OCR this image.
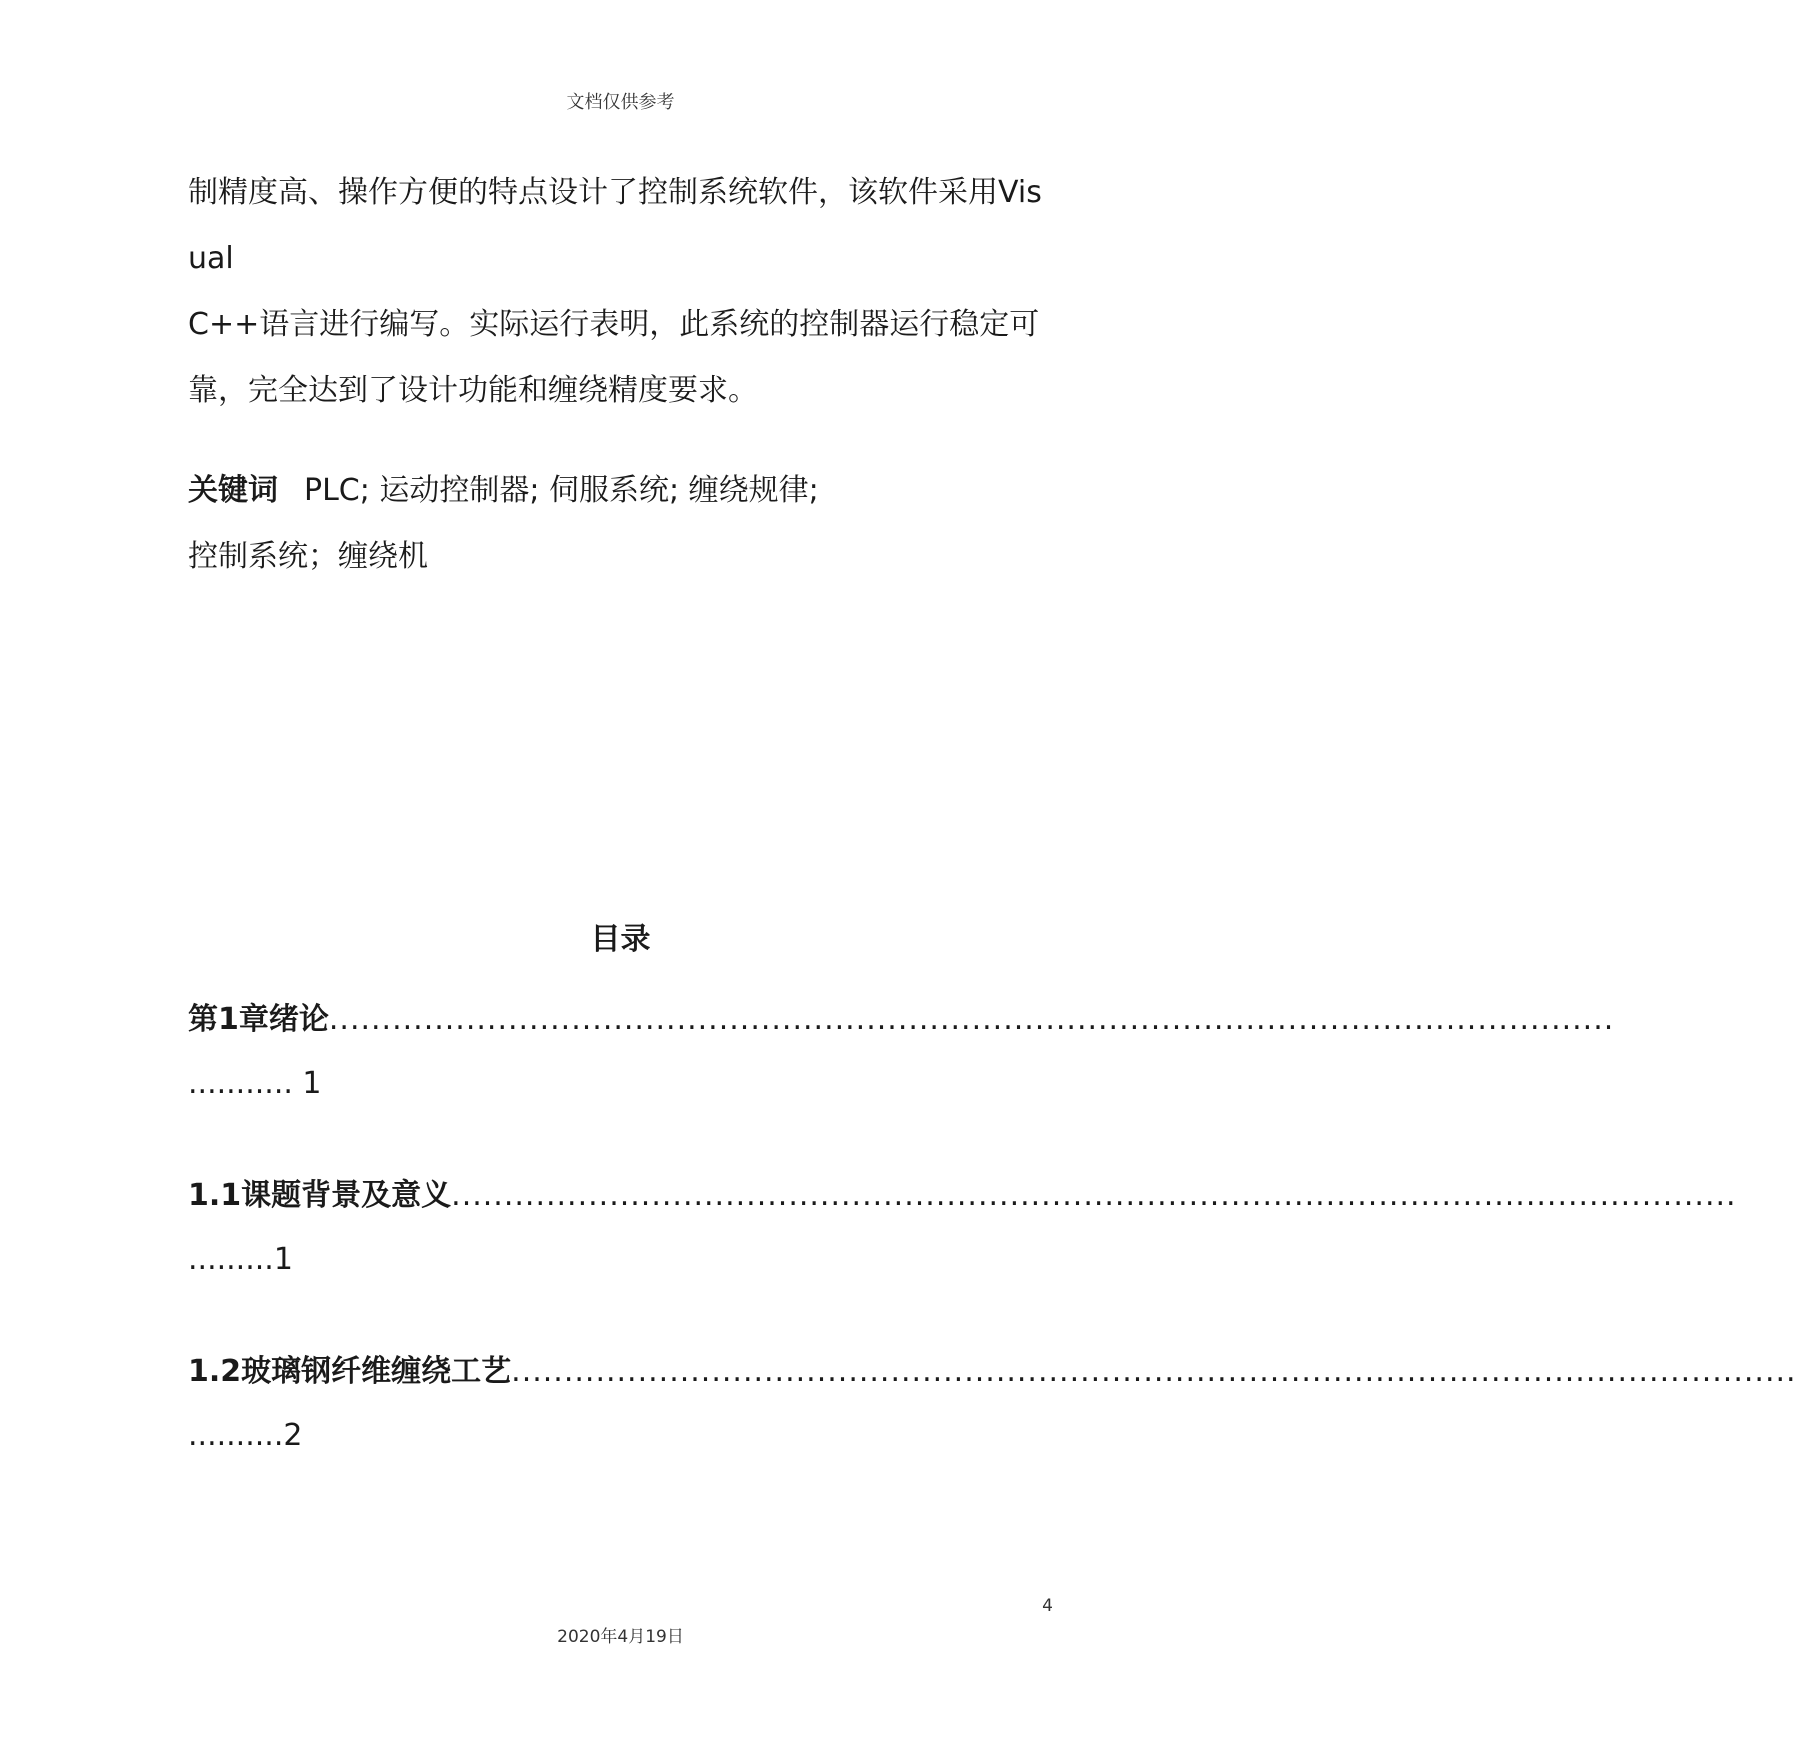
文档仅供参考
制精度高、操作方便的特点设计了控制系统软件，该软件采用Vis
ual
C++语言进行编写。实际运行表明，此系统的控制器运行稳定可
靠，完全达到了设计功能和缠绕精度要求。
关键词 PLC; 运动控制器; 伺服系统; 缠绕规律;
控制系统；缠绕机
目录
第1章绪论 ..........................................................................................................................
........... 1
1.1课题背景及意义 ..........................................................................................................................
.........1
1.2玻璃钢纤维缠绕工艺 ..........................................................................................................................
..........2
4
2020年4月19日
